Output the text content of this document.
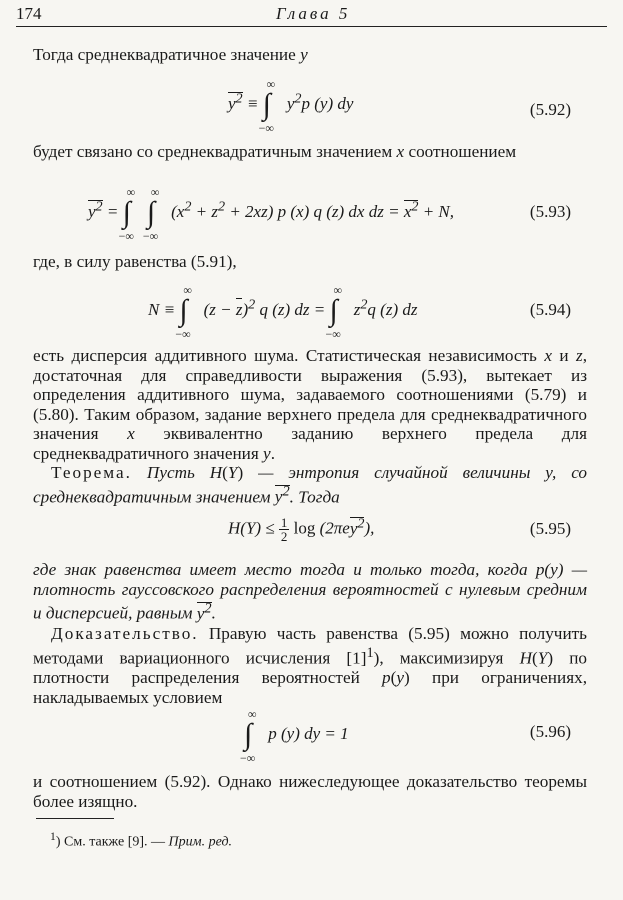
174	Глава 5
Тогда среднеквадратичное значение y
$y^2$ ≡
∞
∫
−∞
$y^2p$ (y) dy	(5.92)
будет связано со среднеквадратичным значением x соотношением
$y^2$ =
∞
∫
−∞

∞
∫
−∞
$(x^2 + z^2 + 2xz)$ p (x) q (z) dx dz = $x^2 + N$,	(5.93)
где, в силу равенства (5.91),
N ≡
∞
∫
−∞
$(z - z)^2$ q (z) dz =
∞
∫
−∞
$z^2q$ (z) dz	(5.94)
есть дисперсия аддитивного шума. Статистическая независимость x и z, достаточная для справедливости выражения (5.93), вытекает из определения аддитивного шума, задаваемого соотношениями (5.79) и (5.80). Таким образом, задание верхнего предела для среднеквадратичного значения x эквивалентно заданию верхнего предела для среднеквадратичного значения y.
Теорема. Пусть H(Y) — энтропия случайной величины y, со среднеквадратичным значением $y^2$. Тогда
$H(Y) \le \frac{1}{2}$ log (2πey$^2$),	(5.95)
где знак равенства имеет место тогда и только тогда, когда p(y) — плотность гауссовского распределения вероятностей с нулевым средним и дисперсией, равным $y^2$.
Доказательство. Правую часть равенства (5.95) можно получить методами вариационного исчисления $[1]^1$), максимизируя H(Y) по плотности распределения вероятностей p(y) при ограничениях, накладываемых условием
∞
∫
−∞
p (y) dy = 1	(5.96)
и соотношением (5.92). Однако нижеследующее доказательство теоремы более изящно.
$^1$) См. также [9]. — Прим. ред.
